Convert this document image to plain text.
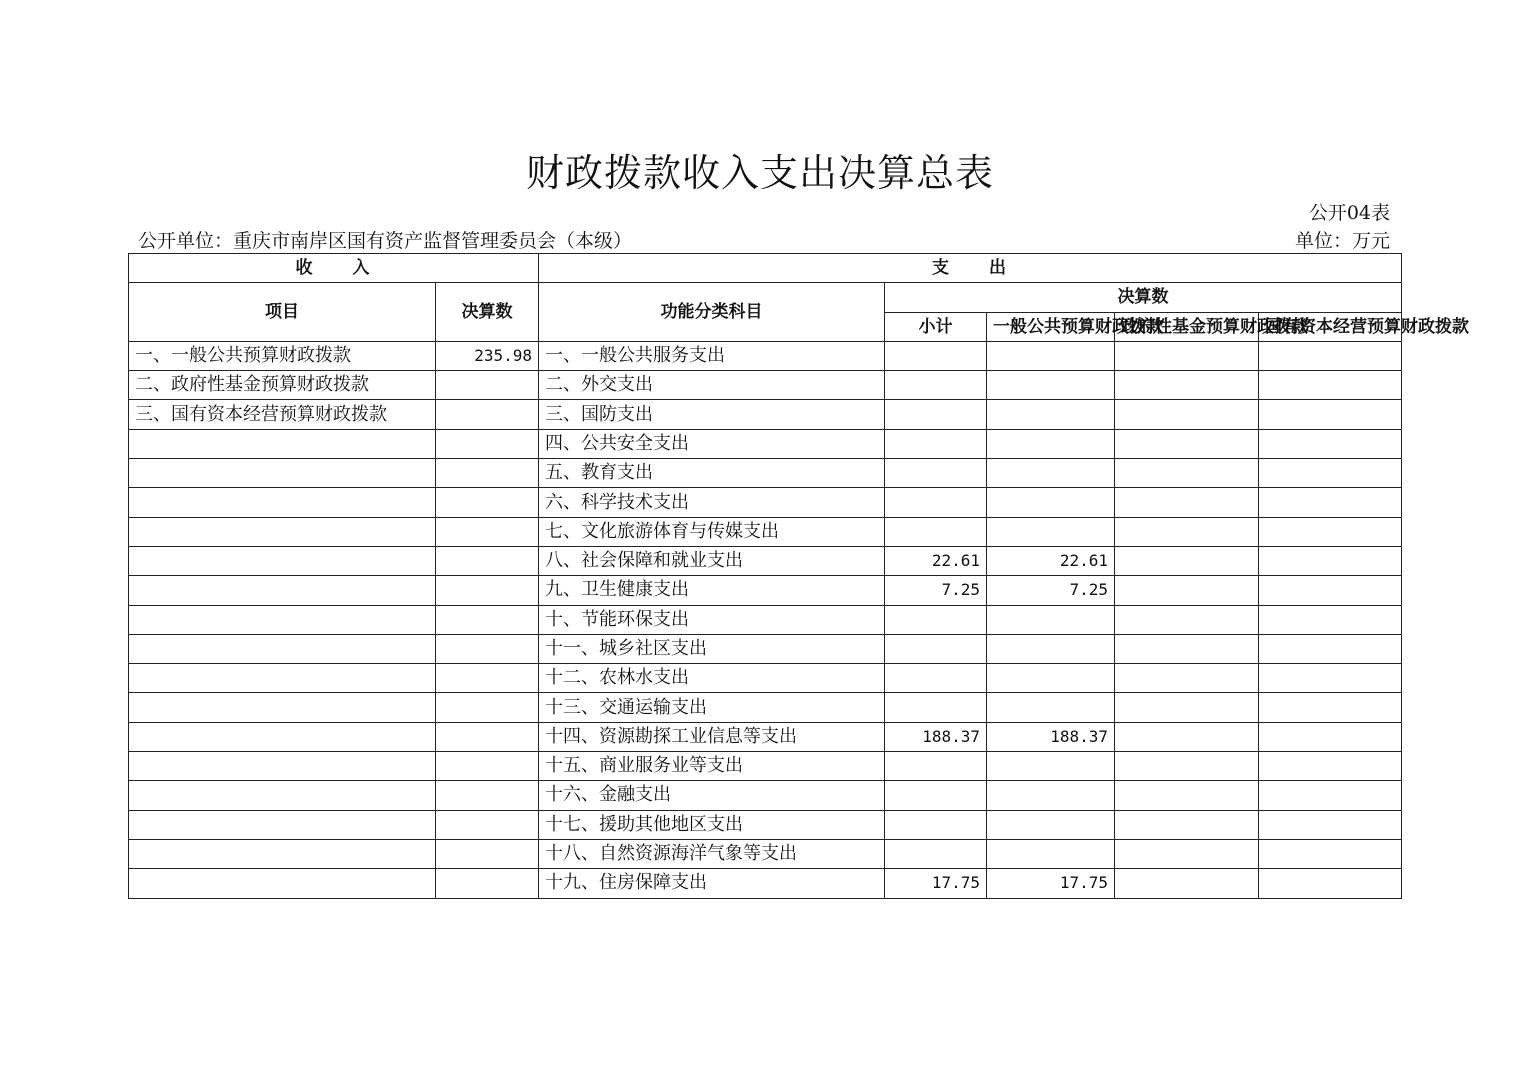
财政拨款收入支出决算总表
公开04表
公开单位：重庆市南岸区国有资产监督管理委员会（本级）	单位：万元
收　　入		支　　出				
项目	决算数	功能分类科目	决算数			
			小计	一般公共预算财政拨款	政府性基金预算财政拨款	国有资本经营预算财政拨款

一、一般公共预算财政拨款	235.98	一、一般公共服务支出				
二、政府性基金预算财政拨款		二、外交支出				
三、国有资本经营预算财政拨款		三、国防支出				
		四、公共安全支出				
		五、教育支出				
		六、科学技术支出				
		七、文化旅游体育与传媒支出				
		八、社会保障和就业支出	22.61	22.61		
		九、卫生健康支出	7.25	7.25		
		十、节能环保支出				
		十一、城乡社区支出				
		十二、农林水支出				
		十三、交通运输支出				
		十四、资源勘探工业信息等支出	188.37	188.37		
		十五、商业服务业等支出				
		十六、金融支出				
		十七、援助其他地区支出				
		十八、自然资源海洋气象等支出				
		十九、住房保障支出	17.75	17.75		
